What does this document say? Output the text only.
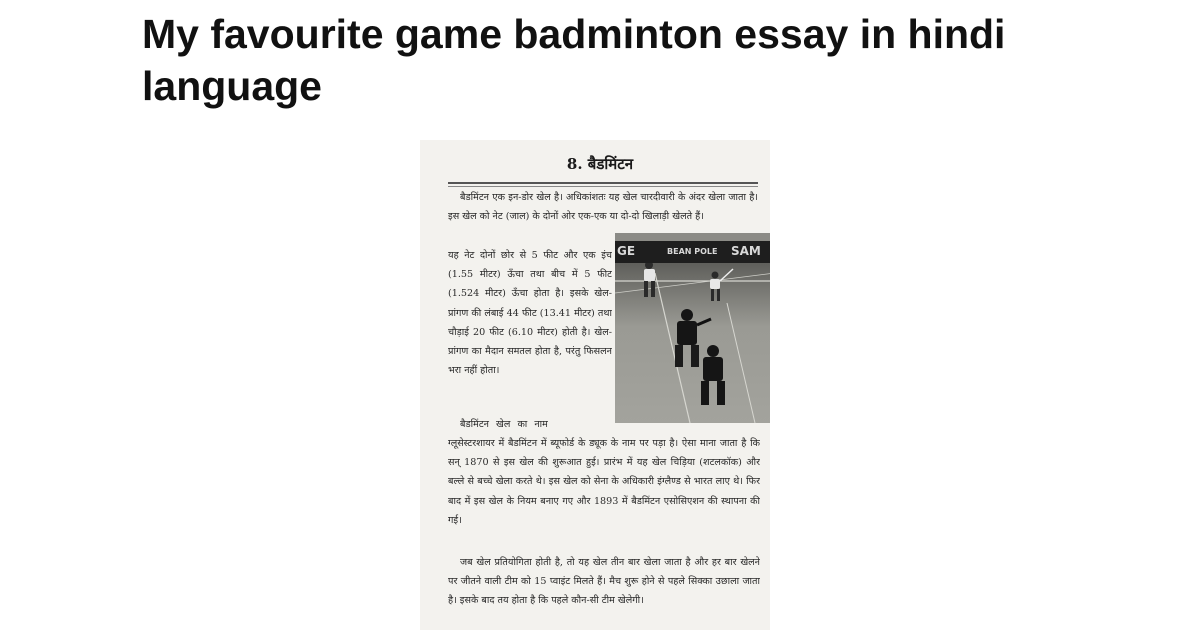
My favourite game badminton essay in hindi language
8. बैडमिंटन
बैडमिंटन एक इन-डोर खेल है। अधिकांशतः यह खेल चारदीवारी के अंदर खेला जाता है। इस खेल को नेट (जाल) के दोनों ओर एक-एक या दो-दो खिलाड़ी खेलते हैं।
यह नेट दोनों छोर से 5 फीट और एक इंच (1.55 मीटर) ऊँचा तथा बीच में 5 फीट (1.524 मीटर) ऊँचा होता है। इसके खेल-प्रांगण की लंबाई 44 फीट (13.41 मीटर) तथा चौड़ाई 20 फीट (6.10 मीटर) होती है। खेल-प्रांगण का मैदान समतल होता है, परंतु फिसलन भरा नहीं होता।
बैडमिंटन खेल का नाम
ग्लूसेस्टरशायर में बैडमिंटन में ब्यूफोर्ड के ड्यूक के नाम पर पड़ा है। ऐसा माना जाता है कि सन् 1870 से इस खेल की शुरूआत हुई। प्रारंभ में यह खेल चिड़िया (शटलकॉक) और बल्ले से बच्चे खेला करते थे। इस खेल को सेना के अधिकारी इंग्लैण्ड से भारत लाए थे। फिर बाद में इस खेल के नियम बनाए गए और 1893 में बैडमिंटन एसोसिएशन की स्थापना की गई।
जब खेल प्रतियोगिता होती है, तो यह खेल तीन बार खेला जाता है और हर बार खेलने पर जीतने वाली टीम को 15 प्वाइंट मिलते हैं। मैच शुरू होने से पहले सिक्का उछाला जाता है। इसके बाद तय होता है कि पहले कौन-सी टीम खेलेगी।
GE	BEAN POLE SAM
